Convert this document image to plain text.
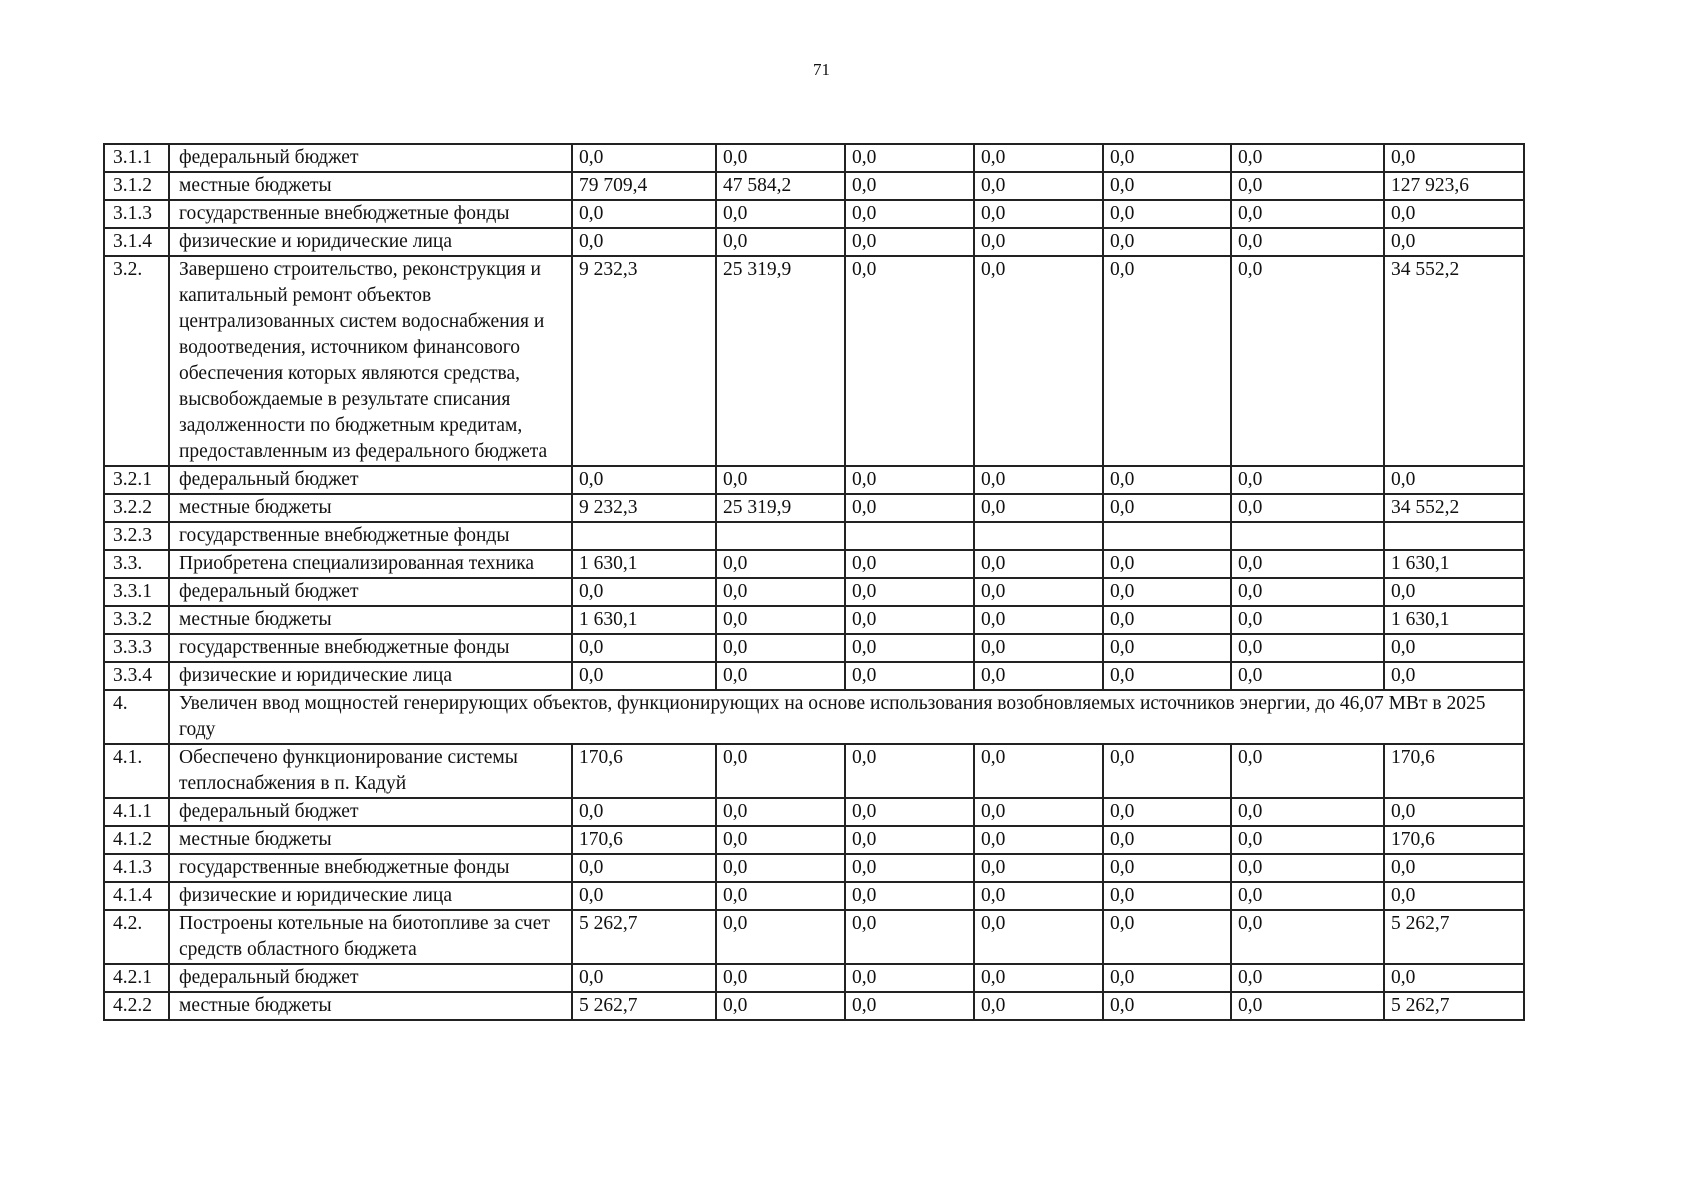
71
3.1.1	федеральный бюджет	0,0	0,0	0,0	0,0	0,0	0,0	0,0
3.1.2	местные бюджеты	79 709,4	47 584,2	0,0	0,0	0,0	0,0	127 923,6
3.1.3	государственные внебюджетные фонды	0,0	0,0	0,0	0,0	0,0	0,0	0,0
3.1.4	физические и юридические лица	0,0	0,0	0,0	0,0	0,0	0,0	0,0
3.2.	Завершено строительство, реконструкция и капитальный ремонт объектов централизованных систем водоснабжения и водоотведения, источником финансового обеспечения которых являются средства, высвобождаемые в результате списания задолженности по бюджетным кредитам, предоставленным из федерального бюджета	9 232,3	25 319,9	0,0	0,0	0,0	0,0	34 552,2
3.2.1	федеральный бюджет	0,0	0,0	0,0	0,0	0,0	0,0	0,0
3.2.2	местные бюджеты	9 232,3	25 319,9	0,0	0,0	0,0	0,0	34 552,2
3.2.3	государственные внебюджетные фонды							
3.3.	Приобретена специализированная техника	1 630,1	0,0	0,0	0,0	0,0	0,0	1 630,1
3.3.1	федеральный бюджет	0,0	0,0	0,0	0,0	0,0	0,0	0,0
3.3.2	местные бюджеты	1 630,1	0,0	0,0	0,0	0,0	0,0	1 630,1
3.3.3	государственные внебюджетные фонды	0,0	0,0	0,0	0,0	0,0	0,0	0,0
3.3.4	физические и юридические лица	0,0	0,0	0,0	0,0	0,0	0,0	0,0
4.	Увеличен ввод мощностей генерирующих объектов, функционирующих на основе использования возобновляемых источников энергии, до 46,07 МВт в 2025 году							
4.1.	Обеспечено функционирование системы теплоснабжения в п. Кадуй	170,6	0,0	0,0	0,0	0,0	0,0	170,6
4.1.1	федеральный бюджет	0,0	0,0	0,0	0,0	0,0	0,0	0,0
4.1.2	местные бюджеты	170,6	0,0	0,0	0,0	0,0	0,0	170,6
4.1.3	государственные внебюджетные фонды	0,0	0,0	0,0	0,0	0,0	0,0	0,0
4.1.4	физические и юридические лица	0,0	0,0	0,0	0,0	0,0	0,0	0,0
4.2.	Построены котельные на биотопливе за счет средств областного бюджета	5 262,7	0,0	0,0	0,0	0,0	0,0	5 262,7
4.2.1	федеральный бюджет	0,0	0,0	0,0	0,0	0,0	0,0	0,0
4.2.2	местные бюджеты	5 262,7	0,0	0,0	0,0	0,0	0,0	5 262,7
